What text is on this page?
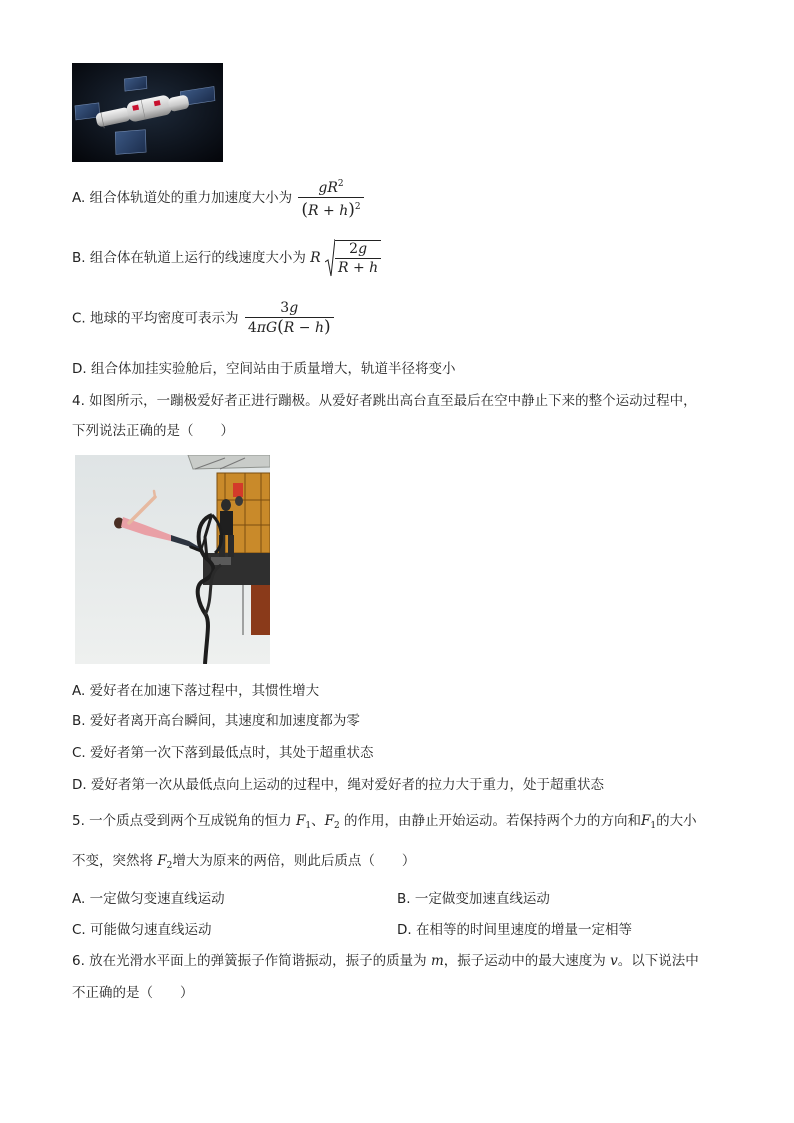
A. 组合体轨道处的重力加速度大小为 $\frac{gR^2}{(R + h)^2}$
B. 组合体在轨道上运行的线速度大小为 R $\frac{2g}{R + h}$
C. 地球的平均密度可表示为 $\frac{3g}{4\pi G(R - h)}$
D. 组合体加挂实验舱后，空间站由于质量增大，轨道半径将变小
4. 如图所示，一蹦极爱好者正进行蹦极。从爱好者跳出高台直至最后在空中静止下来的整个运动过程中，
下列说法正确的是（　　）
A. 爱好者在加速下落过程中，其惯性增大
B. 爱好者离开高台瞬间，其速度和加速度都为零
C. 爱好者第一次下落到最低点时，其处于超重状态
D. 爱好者第一次从最低点向上运动的过程中，绳对爱好者的拉力大于重力，处于超重状态
5. 一个质点受到两个互成锐角的恒力 $F_1$、$F_2$ 的作用，由静止开始运动。若保持两个力的方向和$F_1$的大小
不变，突然将 $F_2$增大为原来的两倍，则此后质点（　　）
A. 一定做匀变速直线运动	B. 一定做变加速直线运动
C. 可能做匀速直线运动	D. 在相等的时间里速度的增量一定相等
6. 放在光滑水平面上的弹簧振子作简谐振动，振子的质量为 m，振子运动中的最大速度为 v。以下说法中
不正确的是（　　）
